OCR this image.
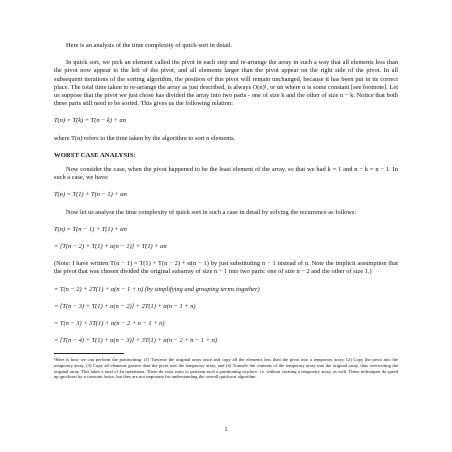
Here is an analysis of the time complexity of quick-sort in detail.

In quick sort, we pick an element called the pivot in each step and re-arrange the array in such a way that all elements less than the pivot now appear to the left of the pivot, and all elements larger than the pivot appear on the right side of the pivot. In all subsequent iterations of the sorting algorithm, the position of this pivot will remain unchanged, because it has been put in its correct place. The total time taken to re-arrange the array as just described, is always O(n)¹, or αn where α is some constant [see footnote]. Let us suppose that the pivot we just chose has divided the array into two parts - one of size k and the other of size n − k. Notice that both these parts still need to be sorted. This gives us the following relation:

T(n) = T(k) + T(n − k) + αn

where T(n) refers to the time taken by the algorithm to sort n elements.

WORST CASE ANALYSIS:

Now consider the case, when the pivot happened to be the least element of the array, so that we had k = 1 and n − k = n − 1. In such a case, we have:

T(n) = T(1) + T(n − 1) + αn

Now let us analyse the time complexity of quick sort in such a case in detail by solving the recurrence as follows:

T(n) = T(n − 1) + T(1) + αn

= [T(n − 2) + T(1) + α(n − 1)] + T(1) + αn

(Note: I have written T(n − 1) = T(1) + T(n − 2) + α(n − 1) by just substituting n − 1 instead of n. Note the implicit assumption that the pivot that was chosen divided the original subarray of size n − 1 into two parts: one of size n − 2 and the other of size 1.)

= T(n − 2) + 2T(1) + α(n − 1 + n) (by simplifying and grouping terms together)

= [T(n − 3) + T(1) + α(n − 2)] + 2T(1) + α(n − 1 + n)

= T(n − 3) + 3T(1) + α(n − 2 + n − 1 + n)

= [T(n − 4) + T(1) + α(n − 3)] + 3T(1) + α(n − 2 + n − 1 + n)

¹Here is how we can perform the partitioning: (1) Traverse the original array once and copy all the elements less than the pivot into a temporary array, (2) Copy the pivot into the temporary array, (3) Copy all elements greater than the pivot into the temporary array, and (4) Transfer the contents of the temporary array into the original array, thus overwriting the original array. This takes a total of 4n operations. There do exist ways to perform such a partitioning in-place, i.e. without creating a temporary array, as well. These techniques do speed up quicksort by a constant factor, but they are not important for understanding the overall quicksort algorithm.

1
